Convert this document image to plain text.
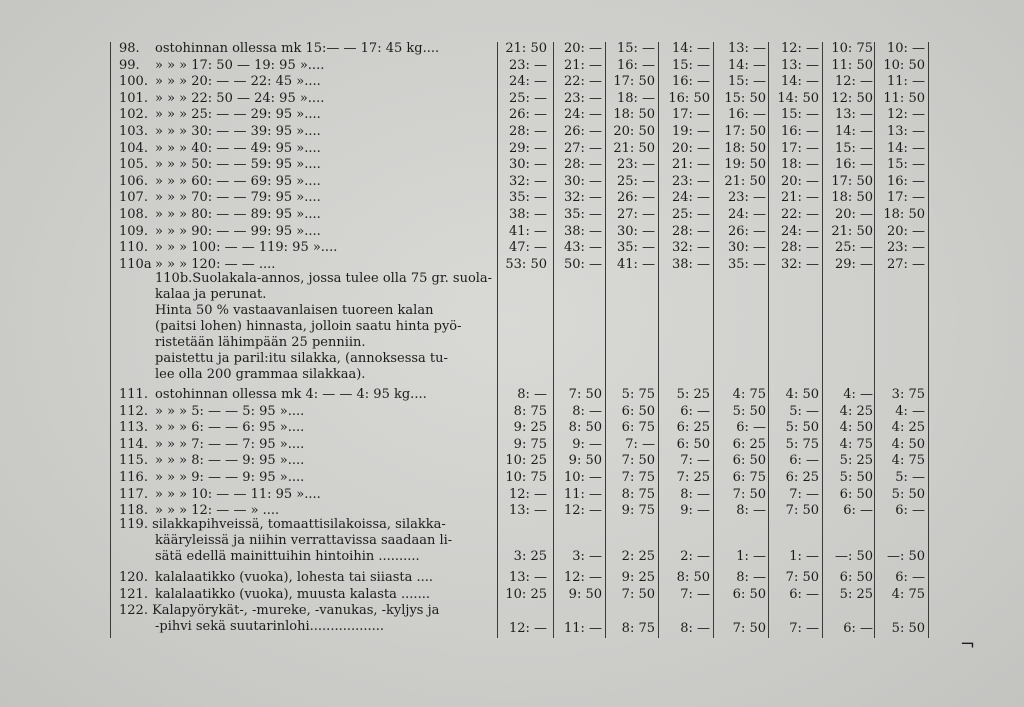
98. ostohinnan ollessa mk 15:— — 17: 45 kg....	21: 50	20: —	15: —	14: —	13: —	12: — 10: 75	10: —
99. » » » 17: 50 — 19: 95 »....	23: —	21: —	16: —	15: —	14: —	13: — 11: 50 10: 50
100. » » » 20: — — 22: 45 »....	24: —	22: — 17: 50	16: —	15: —	14: —	12: —	11: —
101. » » » 22: 50 — 24: 95 »....	25: —	23: —	18: —	16: 50	15: 50 14: 50 12: 50 11: 50
102. » » » 25: — — 29: 95 »....	26: —	24: — 18: 50	17: —	16: —	15: —	13: —	12: —
103. » » » 30: — — 39: 95 »....	28: —	26: — 20: 50	19: —	17: 50	16: —	14: —	13: —
104. » » » 40: — — 49: 95 »....	29: —	27: — 21: 50	20: —	18: 50	17: —	15: —	14: —
105. » » » 50: — — 59: 95 »....	30: —	28: —	23: —	21: —	19: 50	18: —	16: —	15: —
106. » » » 60: — — 69: 95 »....	32: —	30: —	25: —	23: —	21: 50	20: — 17: 50	16: —
107. » » » 70: — — 79: 95 »....	35: —	32: —	26: —	24: —	23: —	21: — 18: 50	17: —
108. » » » 80: — — 89: 95 »....	38: —	35: —	27: —	25: —	24: —	22: —	20: — 18: 50
109. » » » 90: — — 99: 95 »....	41: —	38: —	30: —	28: —	26: —	24: — 21: 50	20: —
110. » » » 100: — — 119: 95 »....	47: —	43: —	35: —	32: —	30: —	28: —	25: —	23: —
110a » » » 120: — — ....	53: 50	50: —	41: —	38: —	35: —	32: —	29: —	27: —
110b.Suolakala-annos, jossa tulee olla 75 gr. suola-
kalaa ja perunat.
Hinta 50 % vastaavanlaisen tuoreen kalan
(paitsi lohen) hinnasta, jolloin saatu hinta pyö-
ristetään lähimpään 25 penniin.
paistettu ja paril:itu silakka, (annoksessa tu-
lee olla 200 grammaa silakkaa).
111. ostohinnan ollessa mk 4: — — 4: 95 kg....	8: —	7: 50	5: 75	5: 25	4: 75	4: 50	4: —	3: 75
112. » » » 5: — — 5: 95 »....	8: 75	8: —	6: 50	6: —	5: 50	5: —	4: 25	4: —
113. » » » 6: — — 6: 95 »....	9: 25	8: 50	6: 75	6: 25	6: —	5: 50	4: 50	4: 25
114. » » » 7: — — 7: 95 »....	9: 75	9: —	7: —	6: 50	6: 25	5: 75	4: 75	4: 50
115. » » » 8: — — 9: 95 »....	10: 25	9: 50	7: 50	7: —	6: 50	6: —	5: 25	4: 75
116. » » » 9: — — 9: 95 »....	10: 75	10: —	7: 75	7: 25	6: 75	6: 25	5: 50	5: —
117. » » » 10: — — 11: 95 »....	12: —	11: —	8: 75	8: —	7: 50	7: —	6: 50	5: 50
118. » » » 12: — — » ....	13: —	12: —	9: 75	9: —	8: —	7: 50	6: —	6: —
119. silakkapihveissä, tomaattisilakoissa, silakka-
kääryleissä ja niihin verrattavissa saadaan li-
sätä edellä mainittuihin hintoihin ..........	3: 25	3: —	2: 25	2: —	1: —	1: —	—: 50	—: 50
120. kalalaatikko (vuoka), lohesta tai siiasta ....	13: —	12: —	9: 25	8: 50	8: —	7: 50	6: 50	6: —
121. kalalaatikko (vuoka), muusta kalasta .......	10: 25	9: 50	7: 50	7: —	6: 50	6: —	5: 25	4: 75
122. Kalapyörykät-, -mureke, -vanukas, -kyljys ja
-pihvi sekä suutarinlohi..................	12: —	11: —	8: 75	8: —	7: 50	7: —	6: —	5: 50
¬
